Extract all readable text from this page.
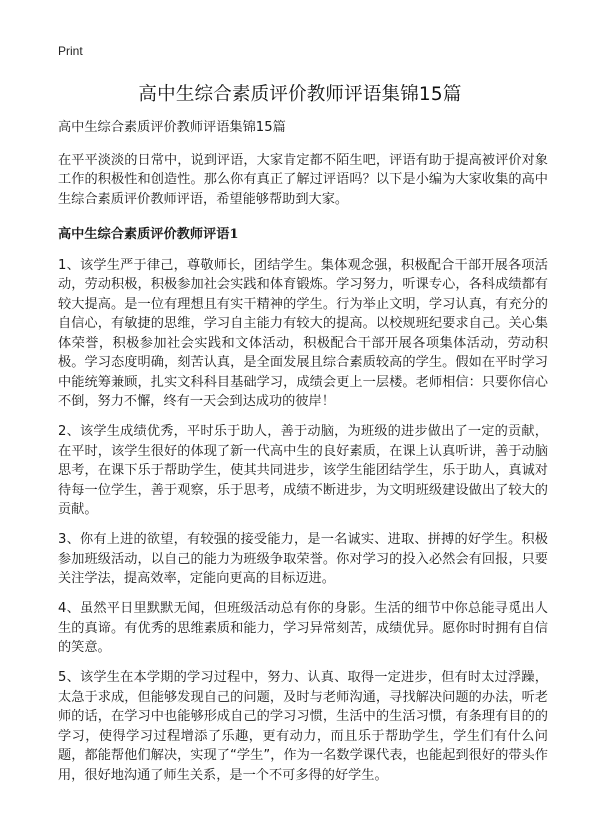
Print
高中生综合素质评价教师评语集锦15篇

高中生综合素质评价教师评语集锦15篇

在平平淡淡的日常中，说到评语，大家肯定都不陌生吧，评语有助于提高被评价对象工作的积极性和创造性。那么你有真正了解过评语吗？以下是小编为大家收集的高中生综合素质评价教师评语，希望能够帮助到大家。

高中生综合素质评价教师评语1

1、该学生严于律己，尊敬师长，团结学生。集体观念强，积极配合干部开展各项活动，劳动积极，积极参加社会实践和体育锻炼。学习努力，听课专心，各科成绩都有较大提高。是一位有理想且有实干精神的学生。行为举止文明，学习认真，有充分的自信心，有敏捷的思维，学习自主能力有较大的提高。以校规班纪要求自己。关心集体荣誉，积极参加社会实践和文体活动，积极配合干部开展各项集体活动，劳动积极。学习态度明确，刻苦认真，是全面发展且综合素质较高的学生。假如在平时学习中能统筹兼顾，扎实文科科目基础学习，成绩会更上一层楼。老师相信：只要你信心不倒，努力不懈，终有一天会到达成功的彼岸！

2、该学生成绩优秀，平时乐于助人，善于动脑，为班级的进步做出了一定的贡献，在平时，该学生很好的体现了新一代高中生的良好素质，在课上认真听讲，善于动脑思考，在课下乐于帮助学生，使其共同进步，该学生能团结学生，乐于助人，真诚对待每一位学生，善于观察，乐于思考，成绩不断进步，为文明班级建设做出了较大的贡献。

3、你有上进的欲望，有较强的接受能力，是一名诚实、进取、拼搏的好学生。积极参加班级活动，以自己的能力为班级争取荣誉。你对学习的投入必然会有回报，只要关注学法，提高效率，定能向更高的目标迈进。

4、虽然平日里默默无闻，但班级活动总有你的身影。生活的细节中你总能寻觅出人生的真谛。有优秀的思维素质和能力，学习异常刻苦，成绩优异。愿你时时拥有自信的笑意。

5、该学生在本学期的学习过程中，努力、认真、取得一定进步，但有时太过浮躁，太急于求成，但能够发现自己的问题，及时与老师沟通，寻找解决问题的办法，听老师的话，在学习中也能够形成自己的学习习惯，生活中的生活习惯，有条理有目的的学习，使得学习过程增添了乐趣，更有动力，而且乐于帮助学生，学生们有什么问题，都能帮他们解决，实现了“学生”，作为一名数学课代表，也能起到很好的带头作用，很好地沟通了师生关系，是一个不可多得的好学生。
